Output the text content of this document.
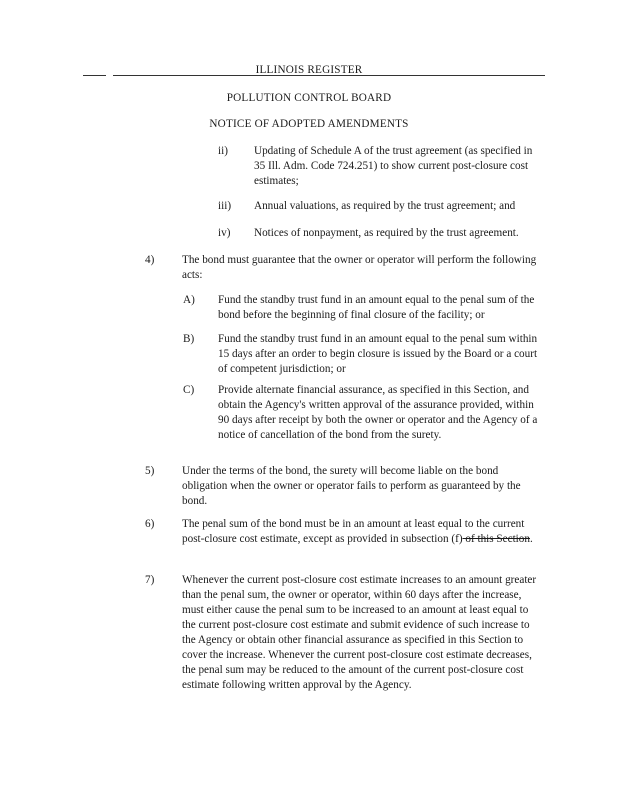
ILLINOIS REGISTER
POLLUTION CONTROL BOARD
NOTICE OF ADOPTED AMENDMENTS
ii) Updating of Schedule A of the trust agreement (as specified in 35 Ill. Adm. Code 724.251) to show current post-closure cost estimates;
iii) Annual valuations, as required by the trust agreement; and
iv) Notices of nonpayment, as required by the trust agreement.
4) The bond must guarantee that the owner or operator will perform the following acts:
A) Fund the standby trust fund in an amount equal to the penal sum of the bond before the beginning of final closure of the facility; or
B) Fund the standby trust fund in an amount equal to the penal sum within 15 days after an order to begin closure is issued by the Board or a court of competent jurisdiction; or
C) Provide alternate financial assurance, as specified in this Section, and obtain the Agency's written approval of the assurance provided, within 90 days after receipt by both the owner or operator and the Agency of a notice of cancellation of the bond from the surety.
5) Under the terms of the bond, the surety will become liable on the bond obligation when the owner or operator fails to perform as guaranteed by the bond.
6) The penal sum of the bond must be in an amount at least equal to the current post-closure cost estimate, except as provided in subsection (f) of this Section.
7) Whenever the current post-closure cost estimate increases to an amount greater than the penal sum, the owner or operator, within 60 days after the increase, must either cause the penal sum to be increased to an amount at least equal to the current post-closure cost estimate and submit evidence of such increase to the Agency or obtain other financial assurance as specified in this Section to cover the increase. Whenever the current post-closure cost estimate decreases, the penal sum may be reduced to the amount of the current post-closure cost estimate following written approval by the Agency.
